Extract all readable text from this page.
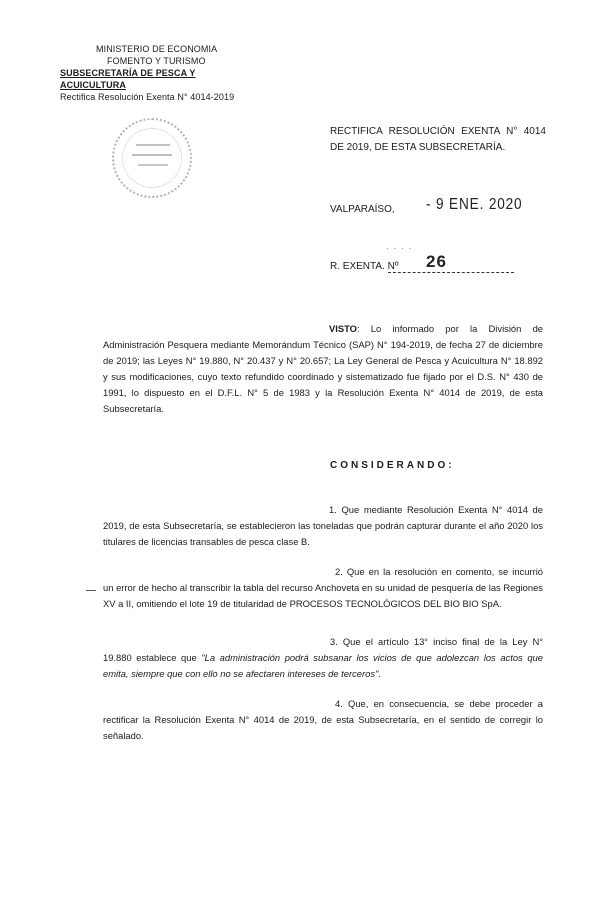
MINISTERIO DE ECONOMIA
FOMENTO Y TURISMO
SUBSECRETARÍA DE PESCA Y ACUICULTURA
Rectifica Resolución Exenta N° 4014-2019
RECTIFICA RESOLUCIÓN EXENTA N° 4014 DE 2019, DE ESTA SUBSECRETARÍA.
VALPARAÍSO, - 9 ENE. 2020
· · · ·
R. EXENTA. Nº 26
VISTO: Lo informado por la División de Administración Pesquera mediante Memorándum Técnico (SAP) N° 194-2019, de fecha 27 de diciembre de 2019; las Leyes N° 19.880, N° 20.437 y N° 20.657; La Ley General de Pesca y Acuicultura N° 18.892 y sus modificaciones, cuyo texto refundido coordinado y sistematizado fue fijado por el D.S. N° 430 de 1991, lo dispuesto en el D.F.L. N° 5 de 1983 y la Resolución Exenta N° 4014 de 2019, de esta Subsecretaría.
CONSIDERANDO:
1. Que mediante Resolución Exenta N° 4014 de 2019, de esta Subsecretaría, se establecieron las toneladas que podrán capturar durante el año 2020 los titulares de licencias transables de pesca clase B.
2. Que en la resolución en comento, se incurrió un error de hecho al transcribir la tabla del recurso Anchoveta en su unidad de pesquería de las Regiones XV a II, omitiendo el lote 19 de titularidad de PROCESOS TECNOLÓGICOS DEL BIO BIO SpA.
3. Que el artículo 13° inciso final de la Ley N° 19.880 establece que "La administración podrá subsanar los vicios de que adolezcan los actos que emita, siempre que con ello no se afectaren intereses de terceros".
4. Que, en consecuencia, se debe proceder a rectificar la Resolución Exenta N° 4014 de 2019, de esta Subsecretaría, en el sentido de corregir lo señalado.
